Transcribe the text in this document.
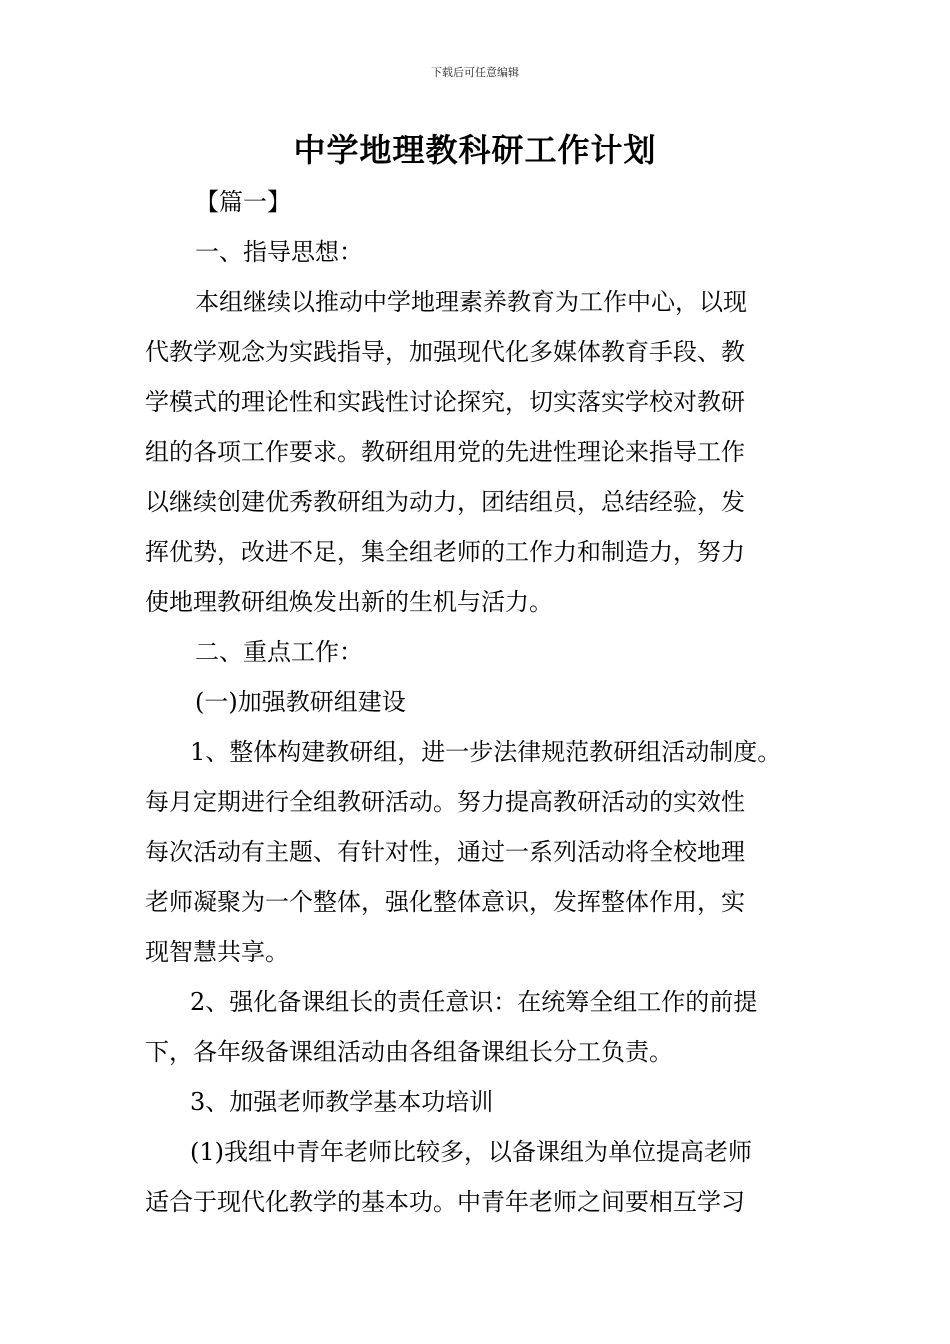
下载后可任意编辑
中学地理教科研工作计划
【篇一】
一、指导思想：
本组继续以推动中学地理素养教育为工作中心，以现
代教学观念为实践指导，加强现代化多媒体教育手段、教
学模式的理论性和实践性讨论探究，切实落实学校对教研
组的各项工作要求。教研组用党的先进性理论来指导工作
以继续创建优秀教研组为动力，团结组员，总结经验，发
挥优势，改进不足，集全组老师的工作力和制造力，努力
使地理教研组焕发出新的生机与活力。
二、重点工作：
(一)加强教研组建设
1、整体构建教研组，进一步法律规范教研组活动制度。
每月定期进行全组教研活动。努力提高教研活动的实效性
每次活动有主题、有针对性，通过一系列活动将全校地理
老师凝聚为一个整体，强化整体意识，发挥整体作用，实
现智慧共享。
2、强化备课组长的责任意识：在统筹全组工作的前提
下，各年级备课组活动由各组备课组长分工负责。
3、加强老师教学基本功培训
(1)我组中青年老师比较多，以备课组为单位提高老师
适合于现代化教学的基本功。中青年老师之间要相互学习
